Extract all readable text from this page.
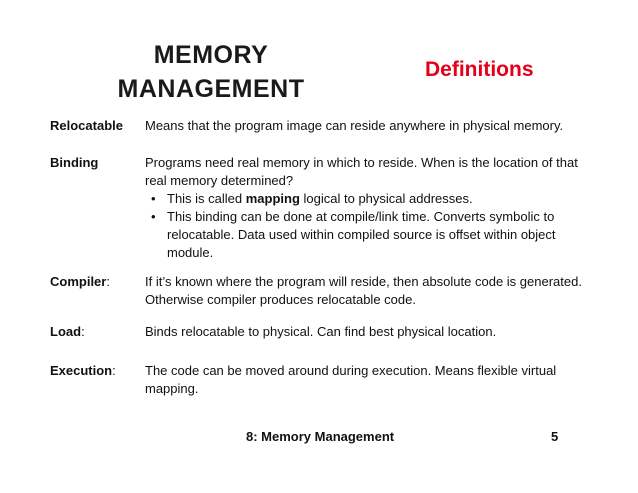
MEMORY
MANAGEMENT
Definitions
Relocatable Means that the program image can reside anywhere in physical memory.
Binding	Programs need real memory in which to reside. When is the location of that real memory determined?
• This is called mapping logical to physical addresses.
• This binding can be done at compile/link time. Converts symbolic to relocatable. Data used within compiled source is offset within object module.
Compiler:	If it’s known where the program will reside, then absolute code is generated. Otherwise compiler produces relocatable code.
Load:	Binds relocatable to physical. Can find best physical location.
Execution: The code can be moved around during execution. Means flexible virtual mapping.
8: Memory Management	5
